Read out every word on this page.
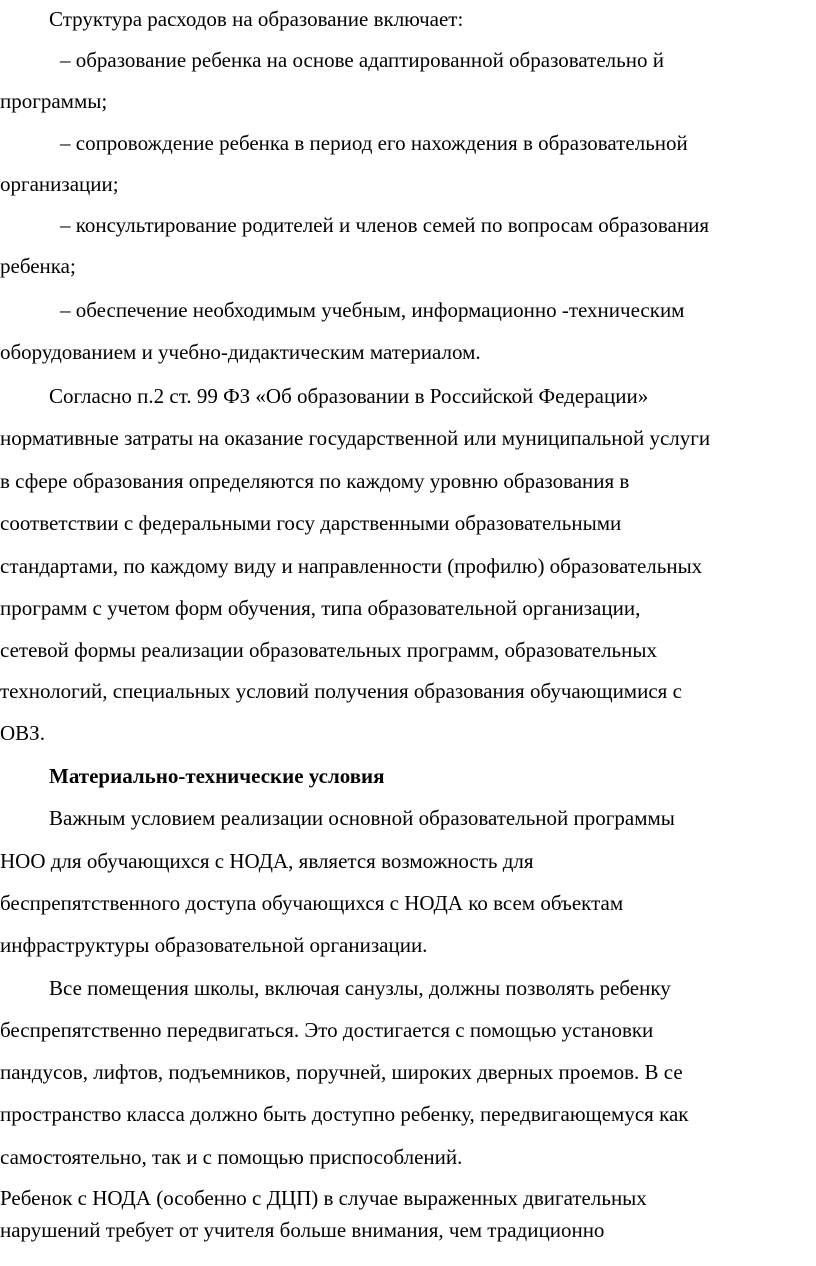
Структура расходов на образование включает:
– образование ребенка на основе адаптированной образовательно й
программы;
– сопровождение ребенка в период его нахождения в образовательной
организации;
– консультирование родителей и членов семей по вопросам образования
ребенка;
– обеспечение необходимым учебным, информационно -техническим
оборудованием и учебно-дидактическим материалом.
Согласно п.2 ст. 99 ФЗ «Об образовании в Российской Федерации»
нормативные затраты на оказание государственной или муниципальной услуги
в сфере образования определяются по каждому уровню образования в
соответствии с федеральными госу дарственными образовательными
стандартами, по каждому виду и направленности (профилю) образовательных
программ с учетом форм обучения, типа образовательной организации,
сетевой формы реализации образовательных программ, образовательных
технологий, специальных условий получения образования обучающимися с
ОВЗ.
Материально-технические условия
Важным условием реализации основной образовательной программы
НОО для обучающихся с НОДА, является возможность для
беспрепятственного доступа обучающихся с НОДА ко всем объектам
инфраструктуры образовательной организации.
Все помещения школы, включая санузлы, должны позволять ребенку
беспрепятственно передвигаться. Это достигается с помощью установки
пандусов, лифтов, подъемников, поручней, широких дверных проемов. В се
пространство класса должно быть доступно ребенку, передвигающемуся как
самостоятельно, так и с помощью приспособлений.
Ребенок с НОДА (особенно с ДЦП) в случае выраженных двигательных
нарушений требует от учителя больше внимания, чем традиционно
